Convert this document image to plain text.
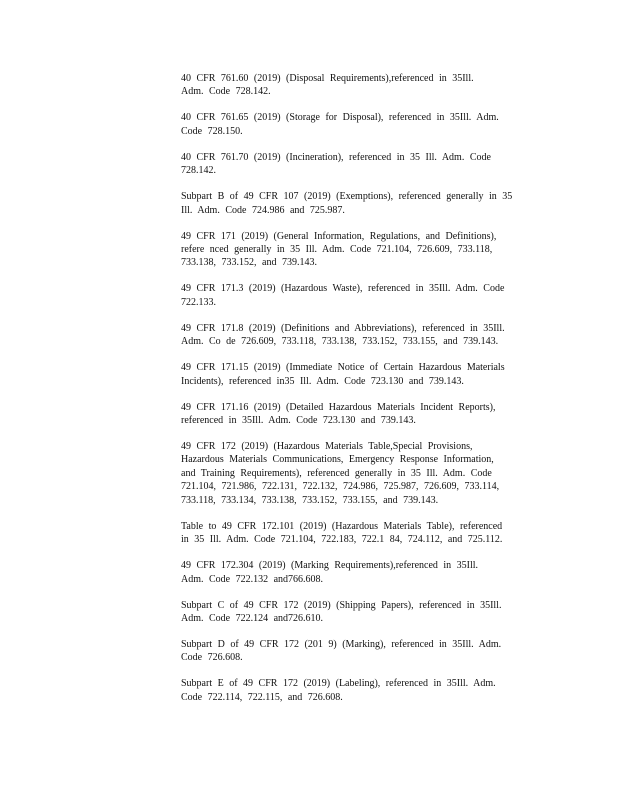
40 CFR 761.60 (2019) (Disposal Requirements),referenced in 35Ill.
Adm. Code 728.142.

40 CFR 761.65 (2019) (Storage for Disposal), referenced in 35Ill. Adm.
Code 728.150.

40 CFR 761.70 (2019) (Incineration), referenced in 35 Ill. Adm. Code
728.142.

Subpart B of 49 CFR 107 (2019) (Exemptions), referenced generally in 35
Ill. Adm. Code 724.986 and 725.987.

49 CFR 171 (2019) (General Information, Regulations, and Definitions),
refere nced generally in 35 Ill. Adm. Code 721.104, 726.609, 733.118,
733.138, 733.152, and 739.143.

49 CFR 171.3 (2019) (Hazardous Waste), referenced in 35Ill. Adm. Code
722.133.

49 CFR 171.8 (2019) (Definitions and Abbreviations), referenced in 35Ill.
Adm. Co de 726.609, 733.118, 733.138, 733.152, 733.155, and 739.143.

49 CFR 171.15 (2019) (Immediate Notice of Certain Hazardous Materials
Incidents), referenced in35 Ill. Adm. Code 723.130 and 739.143.

49 CFR 171.16 (2019) (Detailed Hazardous Materials Incident Reports),
referenced in 35Ill. Adm. Code 723.130 and 739.143.

49 CFR 172 (2019) (Hazardous Materials Table,Special Provisions,
Hazardous Materials Communications, Emergency Response Information,
and Training Requirements), referenced generally in 35 Ill. Adm. Code
721.104, 721.986, 722.131, 722.132, 724.986, 725.987, 726.609, 733.114,
733.118, 733.134, 733.138, 733.152, 733.155, and 739.143.

Table to 49 CFR 172.101 (2019) (Hazardous Materials Table), referenced
in 35 Ill. Adm. Code 721.104, 722.183, 722.1 84, 724.112, and 725.112.

49 CFR 172.304 (2019) (Marking Requirements),referenced in 35Ill.
Adm. Code 722.132 and766.608.

Subpart C of 49 CFR 172 (2019) (Shipping Papers), referenced in 35Ill.
Adm. Code 722.124 and726.610.

Subpart D of 49 CFR 172 (201 9) (Marking), referenced in 35Ill. Adm.
Code 726.608.

Subpart E of 49 CFR 172 (2019) (Labeling), referenced in 35Ill. Adm.
Code 722.114, 722.115, and 726.608.
